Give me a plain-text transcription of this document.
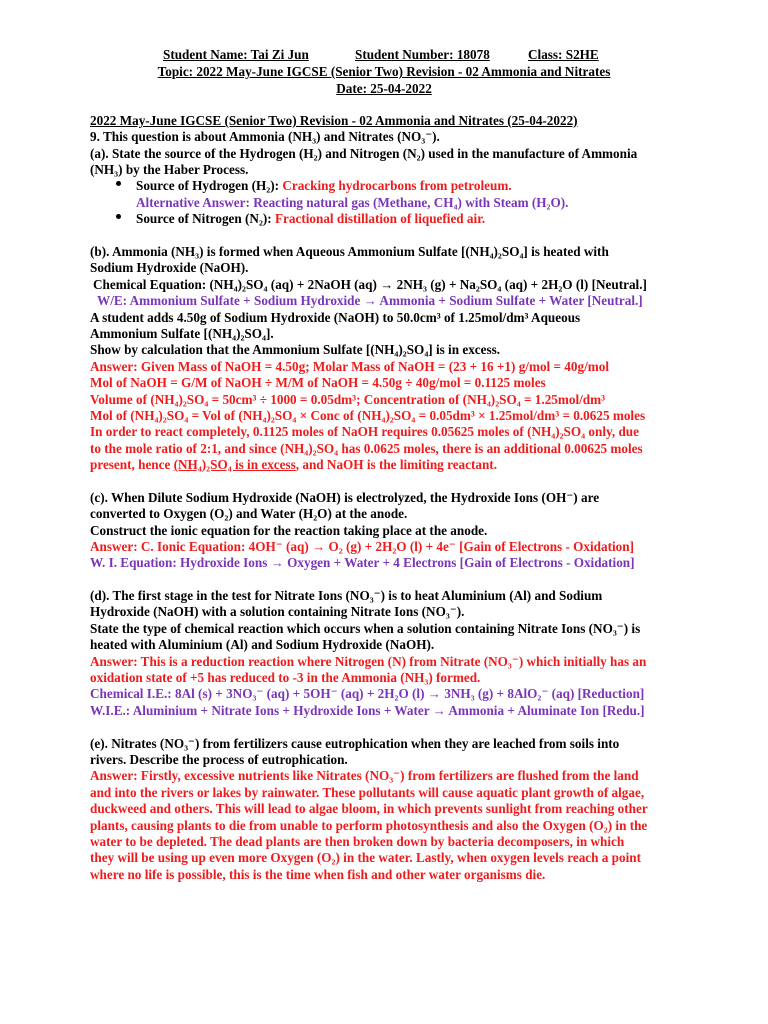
Student Name: Tai Zi Jun	Student Number: 18078	Class: S2HE
Topic: 2022 May-June IGCSE (Senior Two) Revision - 02 Ammonia and Nitrates
Date: 25-04-2022
2022 May-June IGCSE (Senior Two) Revision - 02 Ammonia and Nitrates (25-04-2022)
9. This question is about Ammonia (NH₃) and Nitrates (NO₃⁻).
(a). State the source of the Hydrogen (H₂) and Nitrogen (N₂) used in the manufacture of Ammonia
(NH₃) by the Haber Process.
Source of Hydrogen (H₂): Cracking hydrocarbons from petroleum.
Alternative Answer: Reacting natural gas (Methane, CH₄) with Steam (H₂O).
Source of Nitrogen (N₂): Fractional distillation of liquefied air.
(b). Ammonia (NH₃) is formed when Aqueous Ammonium Sulfate [(NH₄)₂SO₄] is heated with
Sodium Hydroxide (NaOH).
Chemical Equation: (NH₄)₂SO₄ (aq) + 2NaOH (aq) → 2NH₃ (g) + Na₂SO₄ (aq) + 2H₂O (l) [Neutral.]
W/E: Ammonium Sulfate + Sodium Hydroxide → Ammonia + Sodium Sulfate + Water [Neutral.]
A student adds 4.50g of Sodium Hydroxide (NaOH) to 50.0cm³ of 1.25mol/dm³ Aqueous
Ammonium Sulfate [(NH₄)₂SO₄].
Show by calculation that the Ammonium Sulfate [(NH₄)₂SO₄] is in excess.
Answer: Given Mass of NaOH = 4.50g; Molar Mass of NaOH = (23 + 16 +1) g/mol = 40g/mol
Mol of NaOH = G/M of NaOH ÷ M/M of NaOH = 4.50g ÷ 40g/mol = 0.1125 moles
Volume of (NH₄)₂SO₄ = 50cm³ ÷ 1000 = 0.05dm³; Concentration of (NH₄)₂SO₄ = 1.25mol/dm³
Mol of (NH₄)₂SO₄ = Vol of (NH₄)₂SO₄ × Conc of (NH₄)₂SO₄ = 0.05dm³ × 1.25mol/dm³ = 0.0625 moles
In order to react completely, 0.1125 moles of NaOH requires 0.05625 moles of (NH₄)₂SO₄ only, due
to the mole ratio of 2:1, and since (NH₄)₂SO₄ has 0.0625 moles, there is an additional 0.00625 moles
present, hence (NH₄)₂SO₄ is in excess, and NaOH is the limiting reactant.
(c). When Dilute Sodium Hydroxide (NaOH) is electrolyzed, the Hydroxide Ions (OH⁻) are
converted to Oxygen (O₂) and Water (H₂O) at the anode.
Construct the ionic equation for the reaction taking place at the anode.
Answer: C. Ionic Equation: 4OH⁻ (aq) → O₂ (g) + 2H₂O (l) + 4e⁻ [Gain of Electrons - Oxidation]
W. I. Equation: Hydroxide Ions → Oxygen + Water + 4 Electrons [Gain of Electrons - Oxidation]
(d). The first stage in the test for Nitrate Ions (NO₃⁻) is to heat Aluminium (Al) and Sodium
Hydroxide (NaOH) with a solution containing Nitrate Ions (NO₃⁻).
State the type of chemical reaction which occurs when a solution containing Nitrate Ions (NO₃⁻) is
heated with Aluminium (Al) and Sodium Hydroxide (NaOH).
Answer: This is a reduction reaction where Nitrogen (N) from Nitrate (NO₃⁻) which initially has an
oxidation state of +5 has reduced to -3 in the Ammonia (NH₃) formed.
Chemical I.E.: 8Al (s) + 3NO₃⁻ (aq) + 5OH⁻ (aq) + 2H₂O (l) → 3NH₃ (g) + 8AlO₂⁻ (aq) [Reduction]
W.I.E.: Aluminium + Nitrate Ions + Hydroxide Ions + Water → Ammonia + Aluminate Ion [Redu.]
(e). Nitrates (NO₃⁻) from fertilizers cause eutrophication when they are leached from soils into
rivers. Describe the process of eutrophication.
Answer: Firstly, excessive nutrients like Nitrates (NO₃⁻) from fertilizers are flushed from the land
and into the rivers or lakes by rainwater. These pollutants will cause aquatic plant growth of algae,
duckweed and others. This will lead to algae bloom, in which prevents sunlight from reaching other
plants, causing plants to die from unable to perform photosynthesis and also the Oxygen (O₂) in the
water to be depleted. The dead plants are then broken down by bacteria decomposers, in which
they will be using up even more Oxygen (O₂) in the water. Lastly, when oxygen levels reach a point
where no life is possible, this is the time when fish and other water organisms die.
